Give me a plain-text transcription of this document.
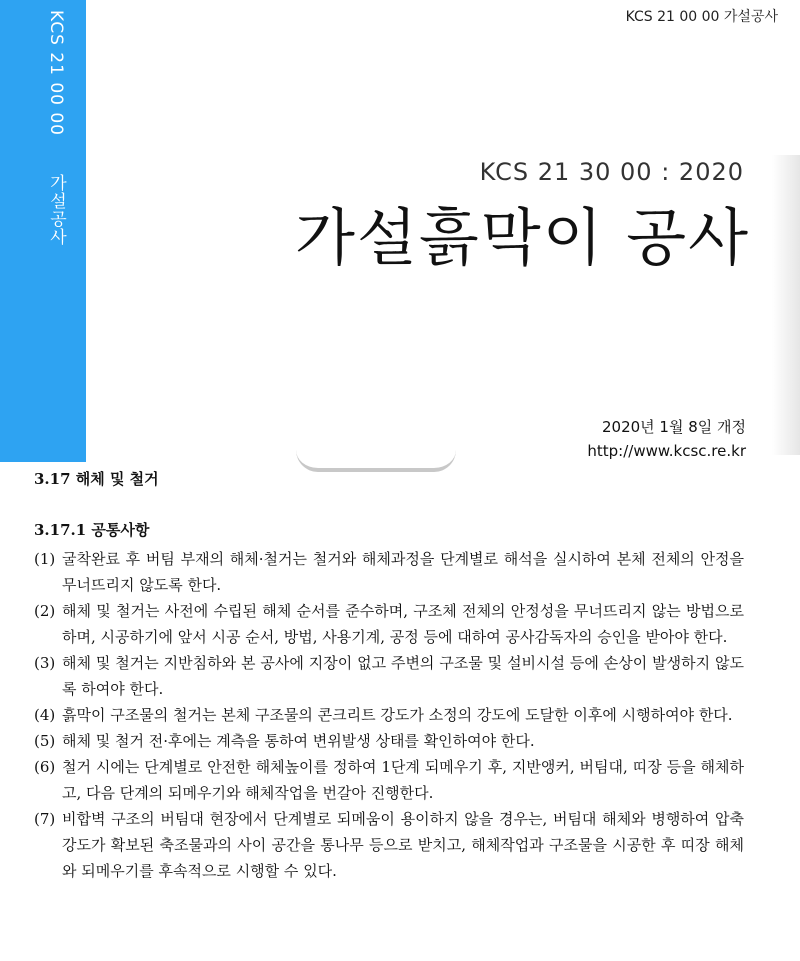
KCS 21 00 00가설공사
KCS 21 00 00 가설공사
KCS 21 30 00 : 2020
가설흙막이 공사
2020년 1월 8일 개정
http://www.kcsc.re.kr

3.17 해체 및 철거

3.17.1 공통사항

(1) 굴착완료 후 버팀 부재의 해체·철거는 철거와 해체과정을 단계별로 해석을 실시하여 본체 전체의 안정을 무너뜨리지 않도록 한다.

(2) 해체 및 철거는 사전에 수립된 해체 순서를 준수하며, 구조체 전체의 안정성을 무너뜨리지 않는 방법으로 하며, 시공하기에 앞서 시공 순서, 방법, 사용기계, 공정 등에 대하여 공사감독자의 승인을 받아야 한다.

(3) 해체 및 철거는 지반침하와 본 공사에 지장이 없고 주변의 구조물 및 설비시설 등에 손상이 발생하지 않도록 하여야 한다.

(4) 흙막이 구조물의 철거는 본체 구조물의 콘크리트 강도가 소정의 강도에 도달한 이후에 시행하여야 한다.

(5) 해체 및 철거 전·후에는 계측을 통하여 변위발생 상태를 확인하여야 한다.

(6) 철거 시에는 단계별로 안전한 해체높이를 정하여 1단계 되메우기 후, 지반앵커, 버팀대, 띠장 등을 해체하고, 다음 단계의 되메우기와 해체작업을 번갈아 진행한다.

(7) 비합벽 구조의 버팀대 현장에서 단계별로 되메움이 용이하지 않을 경우는, 버팀대 해체와 병행하여 압축강도가 확보된 축조물과의 사이 공간을 통나무 등으로 받치고, 해체작업과 구조물을 시공한 후 띠장 해체와 되메우기를 후속적으로 시행할 수 있다.
